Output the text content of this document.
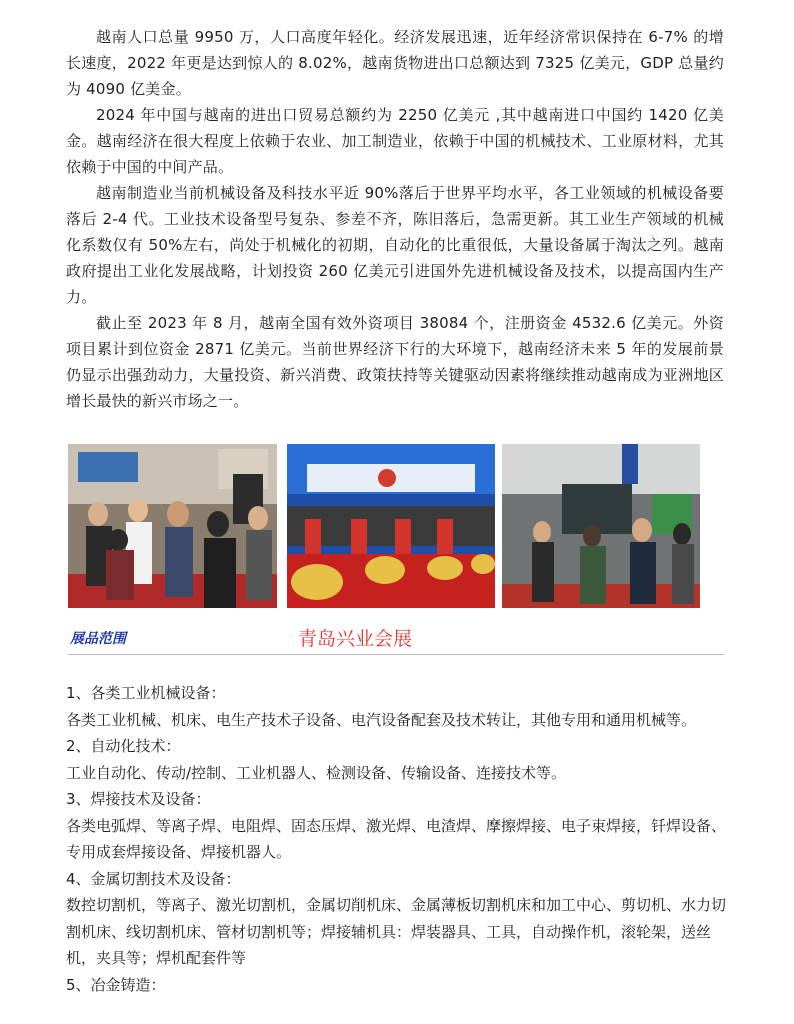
越南人口总量 9950 万，人口高度年轻化。经济发展迅速，近年经济常识保持在 6-7% 的增长速度，2022 年更是达到惊人的 8.02%，越南货物进出口总额达到 7325 亿美元，GDP 总量约为 4090 亿美金。

2024 年中国与越南的进出口贸易总额约为 2250 亿美元 ,其中越南进口中国约 1420 亿美金。越南经济在很大程度上依赖于农业、加工制造业，依赖于中国的机械技术、工业原材料，尤其依赖于中国的中间产品。

越南制造业当前机械设备及科技水平近 90%落后于世界平均水平，各工业领域的机械设备要落后 2-4 代。工业技术设备型号复杂、参差不齐，陈旧落后，急需更新。其工业生产领域的机械化系数仅有 50%左右，尚处于机械化的初期，自动化的比重很低，大量设备属于淘汰之列。越南政府提出工业化发展战略，计划投资 260 亿美元引进国外先进机械设备及技术，以提高国内生产力。

截止至 2023 年 8 月，越南全国有效外资项目 38084 个，注册资金 4532.6 亿美元。外资项目累计到位资金 2871 亿美元。当前世界经济下行的大环境下，越南经济未来 5 年的发展前景仍显示出强劲动力，大量投资、新兴消费、政策扶持等关键驱动因素将继续推动越南成为亚洲地区增长最快的新兴市场之一。

展品范围	青岛兴业会展

1、各类工业机械设备：

各类工业机械、机床、电生产技术子设备、电汽设备配套及技术转让，其他专用和通用机械等。

2、自动化技术：

工业自动化、传动/控制、工业机器人、检测设备、传输设备、连接技术等。

3、焊接技术及设备：

各类电弧焊、等离子焊、电阻焊、固态压焊、激光焊、电渣焊、摩擦焊接、电子束焊接，钎焊设备、专用成套焊接设备、焊接机器人。

4、金属切割技术及设备：

数控切割机，等离子、激光切割机，金属切削机床、金属薄板切割机床和加工中心、剪切机、水力切割机床、线切割机床、管材切割机等；焊接辅机具：焊装器具、工具，自动操作机，滚轮架，送丝机，夹具等；焊机配套件等

5、冶金铸造：
